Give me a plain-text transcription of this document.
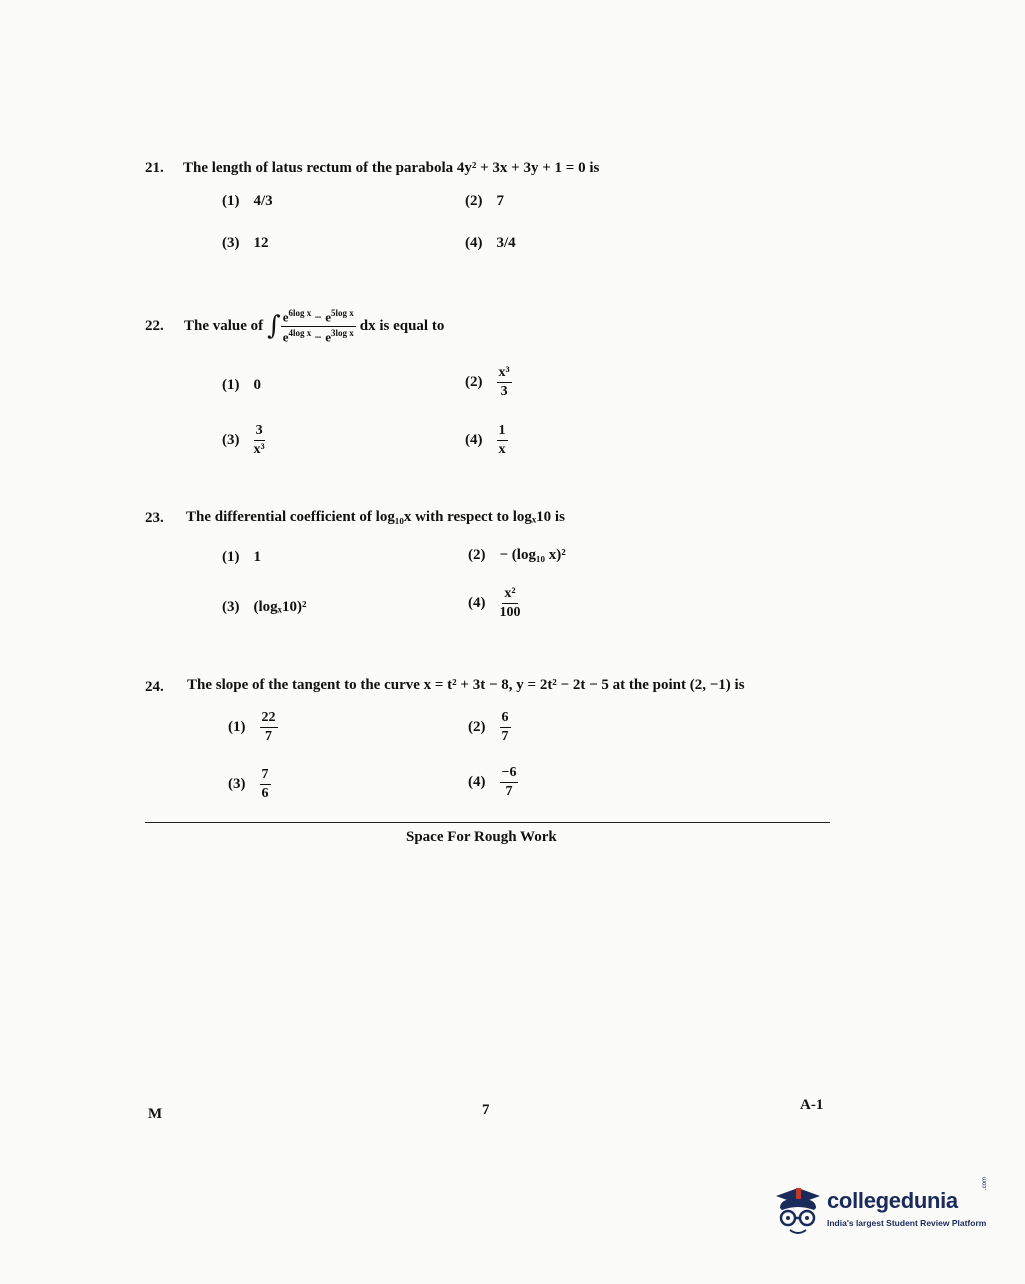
21. The length of latus rectum of the parabola 4y² + 3x + 3y + 1 = 0 is
(1) 4/3	(2) 7
(3) 12	(4) 3/4
22. The value of ∫ $\frac{e^{6log x} - e^{5log x}}{e^{4log x} - e^{3log x}}$ dx is equal to
(1) 0	$(2) \frac{\text{x³}}{3}$
$(3) \frac{3}{\text{x³}}$	$(4) \frac{1}{x}$
23. The differential coefficient of log₁₀x with respect to logₓ10 is
(1) 1	(2) − (log₁₀ x)²
(3) (logₓ10)²	$(4) \frac{\text{x²}}{100}$
24. The slope of the tangent to the curve x = t² + 3t − 8, y = 2t² − 2t − 5 at the point (2, −1) is
$(1) \frac{22}{7}$	$(2) \frac{6}{7}$
$(3) \frac{7}{6}$	$(4) \frac{-6}{7}$
Space For Rough Work
M	7	A-1
collegedunia
.com
India's largest Student Review Platform
